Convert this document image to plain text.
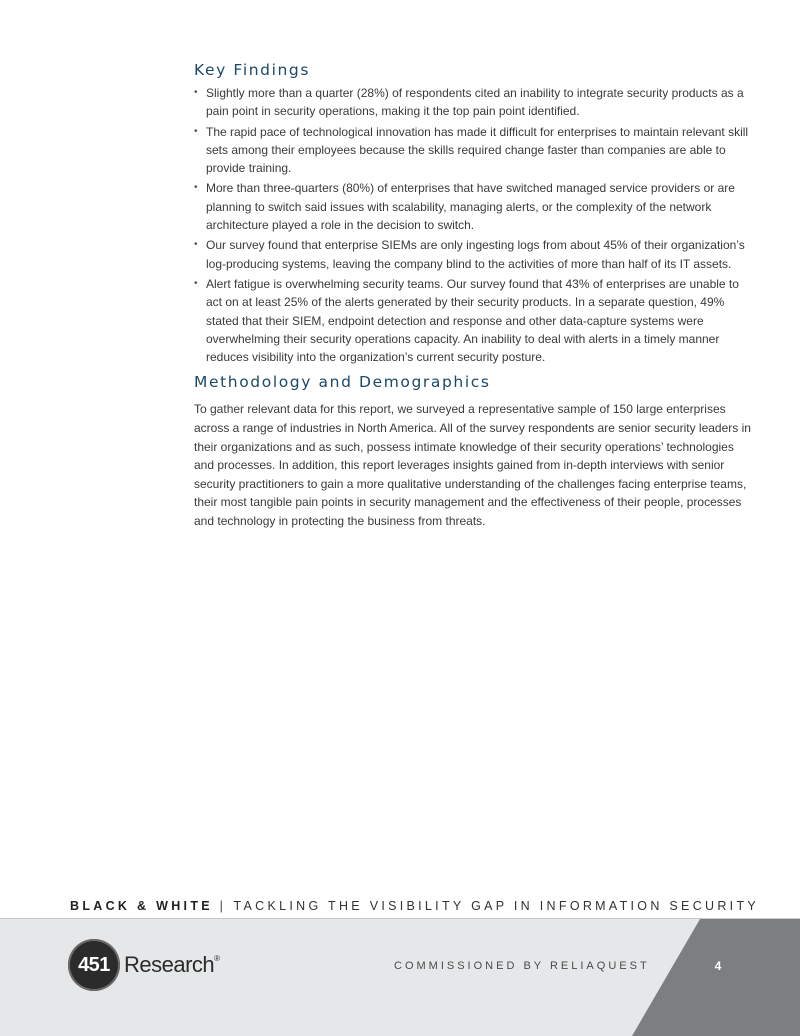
Key Findings
• Slightly more than a quarter (28%) of respondents cited an inability to integrate security products as a pain point in security operations, making it the top pain point identified.
• The rapid pace of technological innovation has made it difficult for enterprises to maintain relevant skill sets among their employees because the skills required change faster than companies are able to provide training.
• More than three-quarters (80%) of enterprises that have switched managed service providers or are planning to switch said issues with scalability, managing alerts, or the complexity of the network architecture played a role in the decision to switch.
• Our survey found that enterprise SIEMs are only ingesting logs from about 45% of their organization’s log-producing systems, leaving the company blind to the activities of more than half of its IT assets.
• Alert fatigue is overwhelming security teams. Our survey found that 43% of enterprises are unable to act on at least 25% of the alerts generated by their security products. In a separate question, 49% stated that their SIEM, endpoint detection and response and other data-capture systems were overwhelming their security operations capacity. An inability to deal with alerts in a timely manner reduces visibility into the organization’s current security posture.
Methodology and Demographics

To gather relevant data for this report, we surveyed a representative sample of 150 large enterprises across a range of industries in North America. All of the survey respondents are senior security leaders in their organizations and as such, possess intimate knowledge of their security operations’ technologies and processes. In addition, this report leverages insights gained from in-depth interviews with senior security practitioners to gain a more qualitative understanding of the challenges facing enterprise teams, their most tangible pain points in security management and the effectiveness of their people, processes and technology in protecting the business from threats.

BLACK & WHITE | TACKLING THE VISIBILITY GAP IN INFORMATION SECURITY
451 Research®
COMMISSIONED BY RELIAQUEST	4
